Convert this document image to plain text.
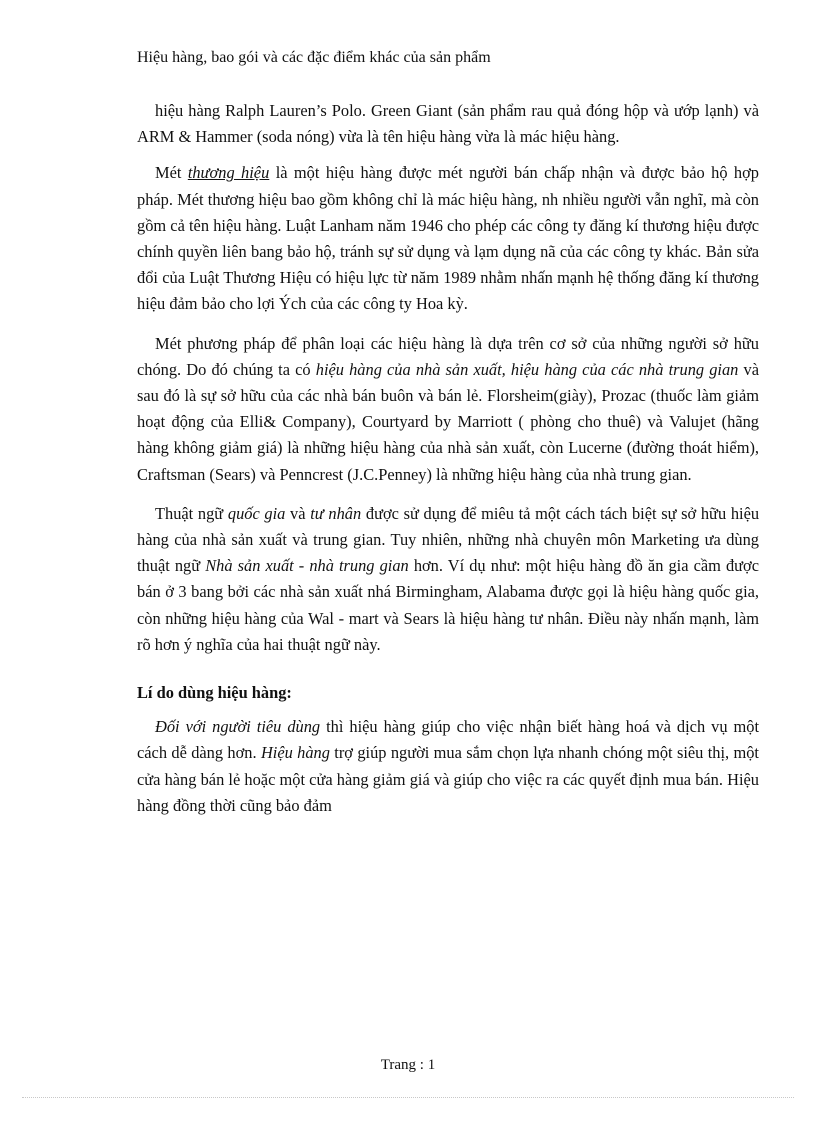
Hiệu hàng, bao gói và các đặc điểm khác của sản phẩm

hiệu hàng Ralph Lauren’s Polo. Green Giant (sản phẩm rau quả đóng hộp và ướp lạnh) và ARM & Hammer (soda nóng) vừa là tên hiệu hàng vừa là mác hiệu hàng.

Mét thương hiệu là một hiệu hàng được mét người bán chấp nhận và được bảo hộ hợp pháp. Mét thương hiệu bao gồm không chỉ là mác hiệu hàng, nh nhiều người vẫn nghĩ, mà còn gồm cả tên hiệu hàng. Luật Lanham năm 1946 cho phép các công ty đăng kí thương hiệu được chính quyền liên bang bảo hộ, tránh sự sử dụng và lạm dụng nã của các công ty khác. Bản sửa đổi của Luật Thương Hiệu có hiệu lực từ năm 1989 nhằm nhấn mạnh hệ thống đăng kí thương hiệu đảm bảo cho lợi Ých của các công ty Hoa kỳ.

Mét phương pháp để phân loại các hiệu hàng là dựa trên cơ sở của những người sở hữu chóng. Do đó chúng ta có hiệu hàng của nhà sản xuất, hiệu hàng của các nhà trung gian và sau đó là sự sở hữu của các nhà bán buôn và bán lẻ. Florsheim(giày), Prozac (thuốc làm giảm hoạt động của Elli& Company), Courtyard by Marriott ( phòng cho thuê) và Valujet (hãng hàng không giảm giá) là những hiệu hàng của nhà sản xuất, còn Lucerne (đường thoát hiểm), Craftsman (Sears) và Penncrest (J.C.Penney) là những hiệu hàng của nhà trung gian.

Thuật ngữ quốc gia và tư nhân được sử dụng để miêu tả một cách tách biệt sự sở hữu hiệu hàng của nhà sản xuất và trung gian. Tuy nhiên, những nhà chuyên môn Marketing ưa dùng thuật ngữ Nhà sản xuất - nhà trung gian hơn. Ví dụ như: một hiệu hàng đồ ăn gia cầm được bán ở 3 bang bởi các nhà sản xuất nhá Birmingham, Alabama được gọi là hiệu hàng quốc gia, còn những hiệu hàng của Wal - mart và Sears là hiệu hàng tư nhân. Điều này nhấn mạnh, làm rõ hơn ý nghĩa của hai thuật ngữ này.

Lí do dùng hiệu hàng:

Đối với người tiêu dùng thì hiệu hàng giúp cho việc nhận biết hàng hoá và dịch vụ một cách dễ dàng hơn. Hiệu hàng trợ giúp người mua sắm chọn lựa nhanh chóng một siêu thị, một cửa hàng bán lẻ hoặc một cửa hàng giảm giá và giúp cho việc ra các quyết định mua bán. Hiệu hàng đồng thời cũng bảo đảm

Trang : 1
